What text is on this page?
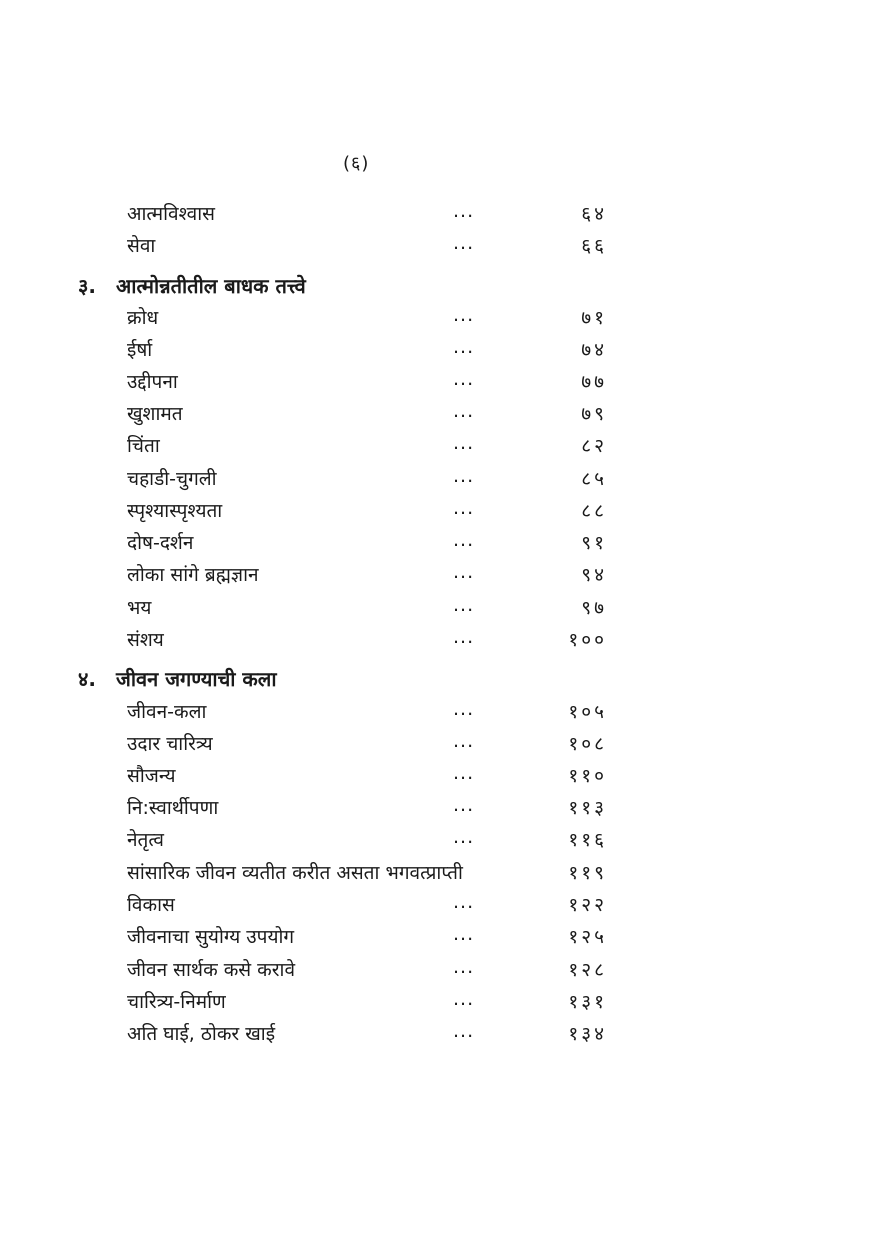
(६)
आत्मविश्वास	...	६४
सेवा	...	६६
३. आत्मोन्नतीतील बाधक तत्त्वे
क्रोध	...	७१
ईर्षा	...	७४
उद्दीपना	...	७७
खुशामत	...	७९
चिंता	...	८२
चहाडी-चुगली	...	८५
स्पृश्यास्पृश्यता	...	८८
दोष-दर्शन	...	९१
लोका सांगे ब्रह्मज्ञान	...	९४
भय	...	९७
संशय	...	१००
४. जीवन जगण्याची कला
जीवन-कला	...	१०५
उदार चारित्र्य	...	१०८
सौजन्य	...	११०
नि:स्वार्थीपणा	...	११३
नेतृत्व	...	११६
सांसारिक जीवन व्यतीत करीत असता भगवत्प्राप्ती	११९
विकास	...	१२२
जीवनाचा सुयोग्य उपयोग	...	१२५
जीवन सार्थक कसे करावे	...	१२८
चारित्र्य-निर्माण	...	१३१
अति घाई, ठोकर खाई	...	१३४
